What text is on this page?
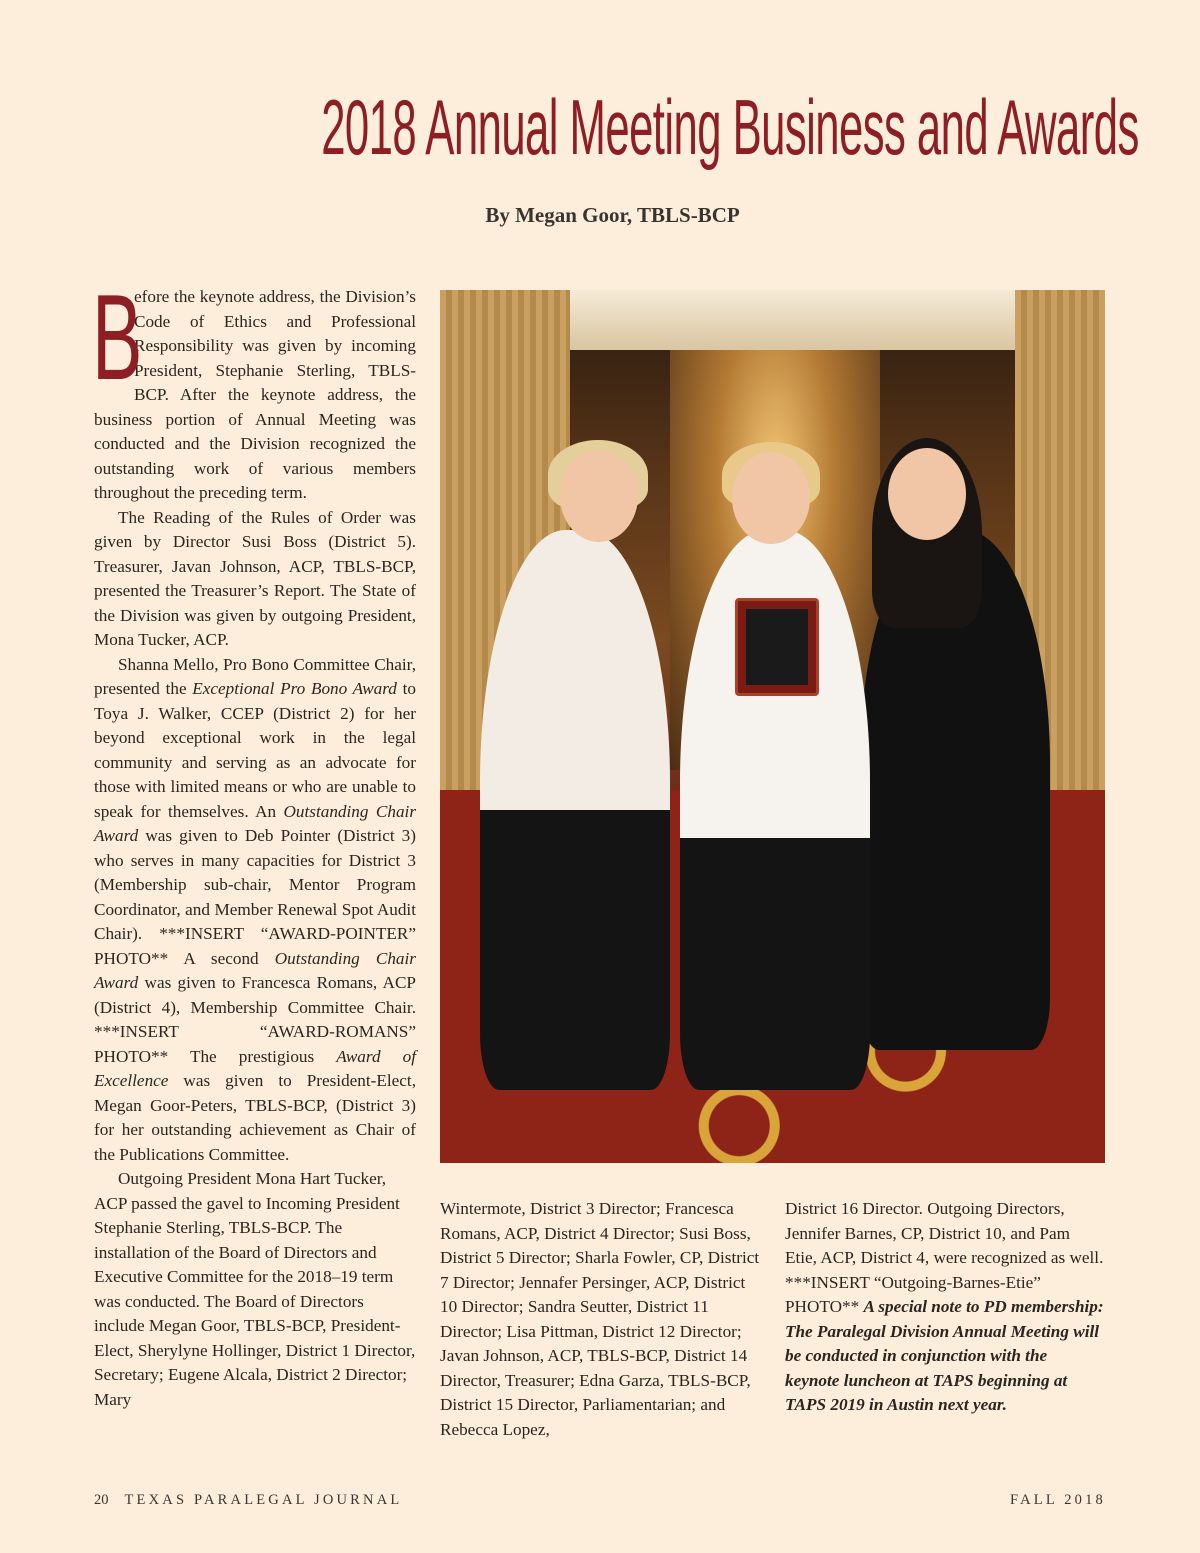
2018 Annual Meeting Business and Awards
By Megan Goor, TBLS-BCP

B
efore the keynote address, the Division’s Code of Ethics and Professional Responsibility was given by incoming President, Stephanie Sterling, TBLS-BCP. After the keynote address, the business portion of Annual Meeting was conducted and the Division recognized the outstanding work of various members throughout the preceding term.

The Reading of the Rules of Order was given by Director Susi Boss (District 5). Treasurer, Javan Johnson, ACP, TBLS-BCP, presented the Treasurer’s Report. The State of the Division was given by outgoing President, Mona Tucker, ACP.

Shanna Mello, Pro Bono Committee Chair, presented the Exceptional Pro Bono Award to Toya J. Walker, CCEP (District 2) for her beyond exceptional work in the legal community and serving as an advocate for those with limited means or who are unable to speak for themselves. An Outstanding Chair Award was given to Deb Pointer (District 3) who serves in many capacities for District 3 (Membership sub-chair, Mentor Program Coordinator, and Member Renewal Spot Audit Chair). ***INSERT “AWARD-POINTER” PHOTO** A second Outstanding Chair Award was given to Francesca Romans, ACP (District 4), Membership Committee Chair. ***INSERT “AWARD-ROMANS” PHOTO** The prestigious Award of Excellence was given to President-Elect, Megan Goor-Peters, TBLS-BCP, (District 3) for her outstanding achievement as Chair of the Publications Committee.

Outgoing President Mona Hart Tucker, ACP passed the gavel to Incoming President Stephanie Sterling, TBLS-BCP. The installation of the Board of Directors and Executive Committee for the 2018–19 term was conducted. The Board of Directors include Megan Goor, TBLS-BCP, President-Elect, Sherylyne Hollinger, District 1 Director, Secretary; Eugene Alcala, District 2 Director; Mary

Wintermote, District 3 Director; Francesca Romans, ACP, District 4 Director; Susi Boss, District 5 Director; Sharla Fowler, CP, District 7 Director; Jennafer Persinger, ACP, District 10 Director; Sandra Seutter, District 11 Director; Lisa Pittman, District 12 Director; Javan Johnson, ACP, TBLS-BCP, District 14 Director, Treasurer; Edna Garza, TBLS-BCP, District 15 Director, Parliamentarian; and Rebecca Lopez,

District 16 Director. Outgoing Directors, Jennifer Barnes, CP, District 10, and Pam Etie, ACP, District 4, were recognized as well. ***INSERT “Outgoing-Barnes-Etie” PHOTO** A special note to PD membership: The Paralegal Division Annual Meeting will be conducted in conjunction with the keynote luncheon at TAPS beginning at TAPS 2019 in Austin next year.

20 TEXAS PARALEGAL JOURNAL	FALL 2018
